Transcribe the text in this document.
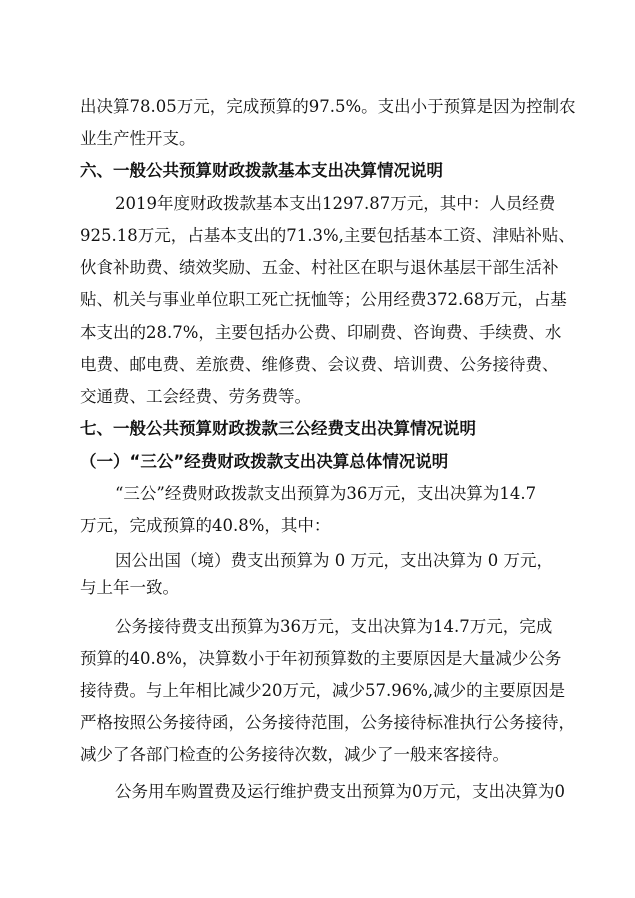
出决算78.05万元，完成预算的97.5%。支出小于预算是因为控制农
业生产性开支。
六、一般公共预算财政拨款基本支出决算情况说明
2019年度财政拨款基本支出1297.87万元，其中：人员经费
925.18万元，占基本支出的71.3%,主要包括基本工资、津贴补贴、
伙食补助费、绩效奖励、五金、村社区在职与退休基层干部生活补
贴、机关与事业单位职工死亡抚恤等；公用经费372.68万元，占基
本支出的28.7%，主要包括办公费、印刷费、咨询费、手续费、水
电费、邮电费、差旅费、维修费、会议费、培训费、公务接待费、
交通费、工会经费、劳务费等。
七、一般公共预算财政拨款三公经费支出决算情况说明
（一）“三公”经费财政拨款支出决算总体情况说明
“三公”经费财政拨款支出预算为36万元，支出决算为14.7
万元，完成预算的40.8%，其中：
因公出国（境）费支出预算为 0 万元，支出决算为 0 万元，
与上年一致。
公务接待费支出预算为36万元，支出决算为14.7万元，完成
预算的40.8%，决算数小于年初预算数的主要原因是大量减少公务
接待费。与上年相比减少20万元，减少57.96%,减少的主要原因是
严格按照公务接待函，公务接待范围，公务接待标准执行公务接待，
减少了各部门检查的公务接待次数，减少了一般来客接待。
公务用车购置费及运行维护费支出预算为0万元，支出决算为0
